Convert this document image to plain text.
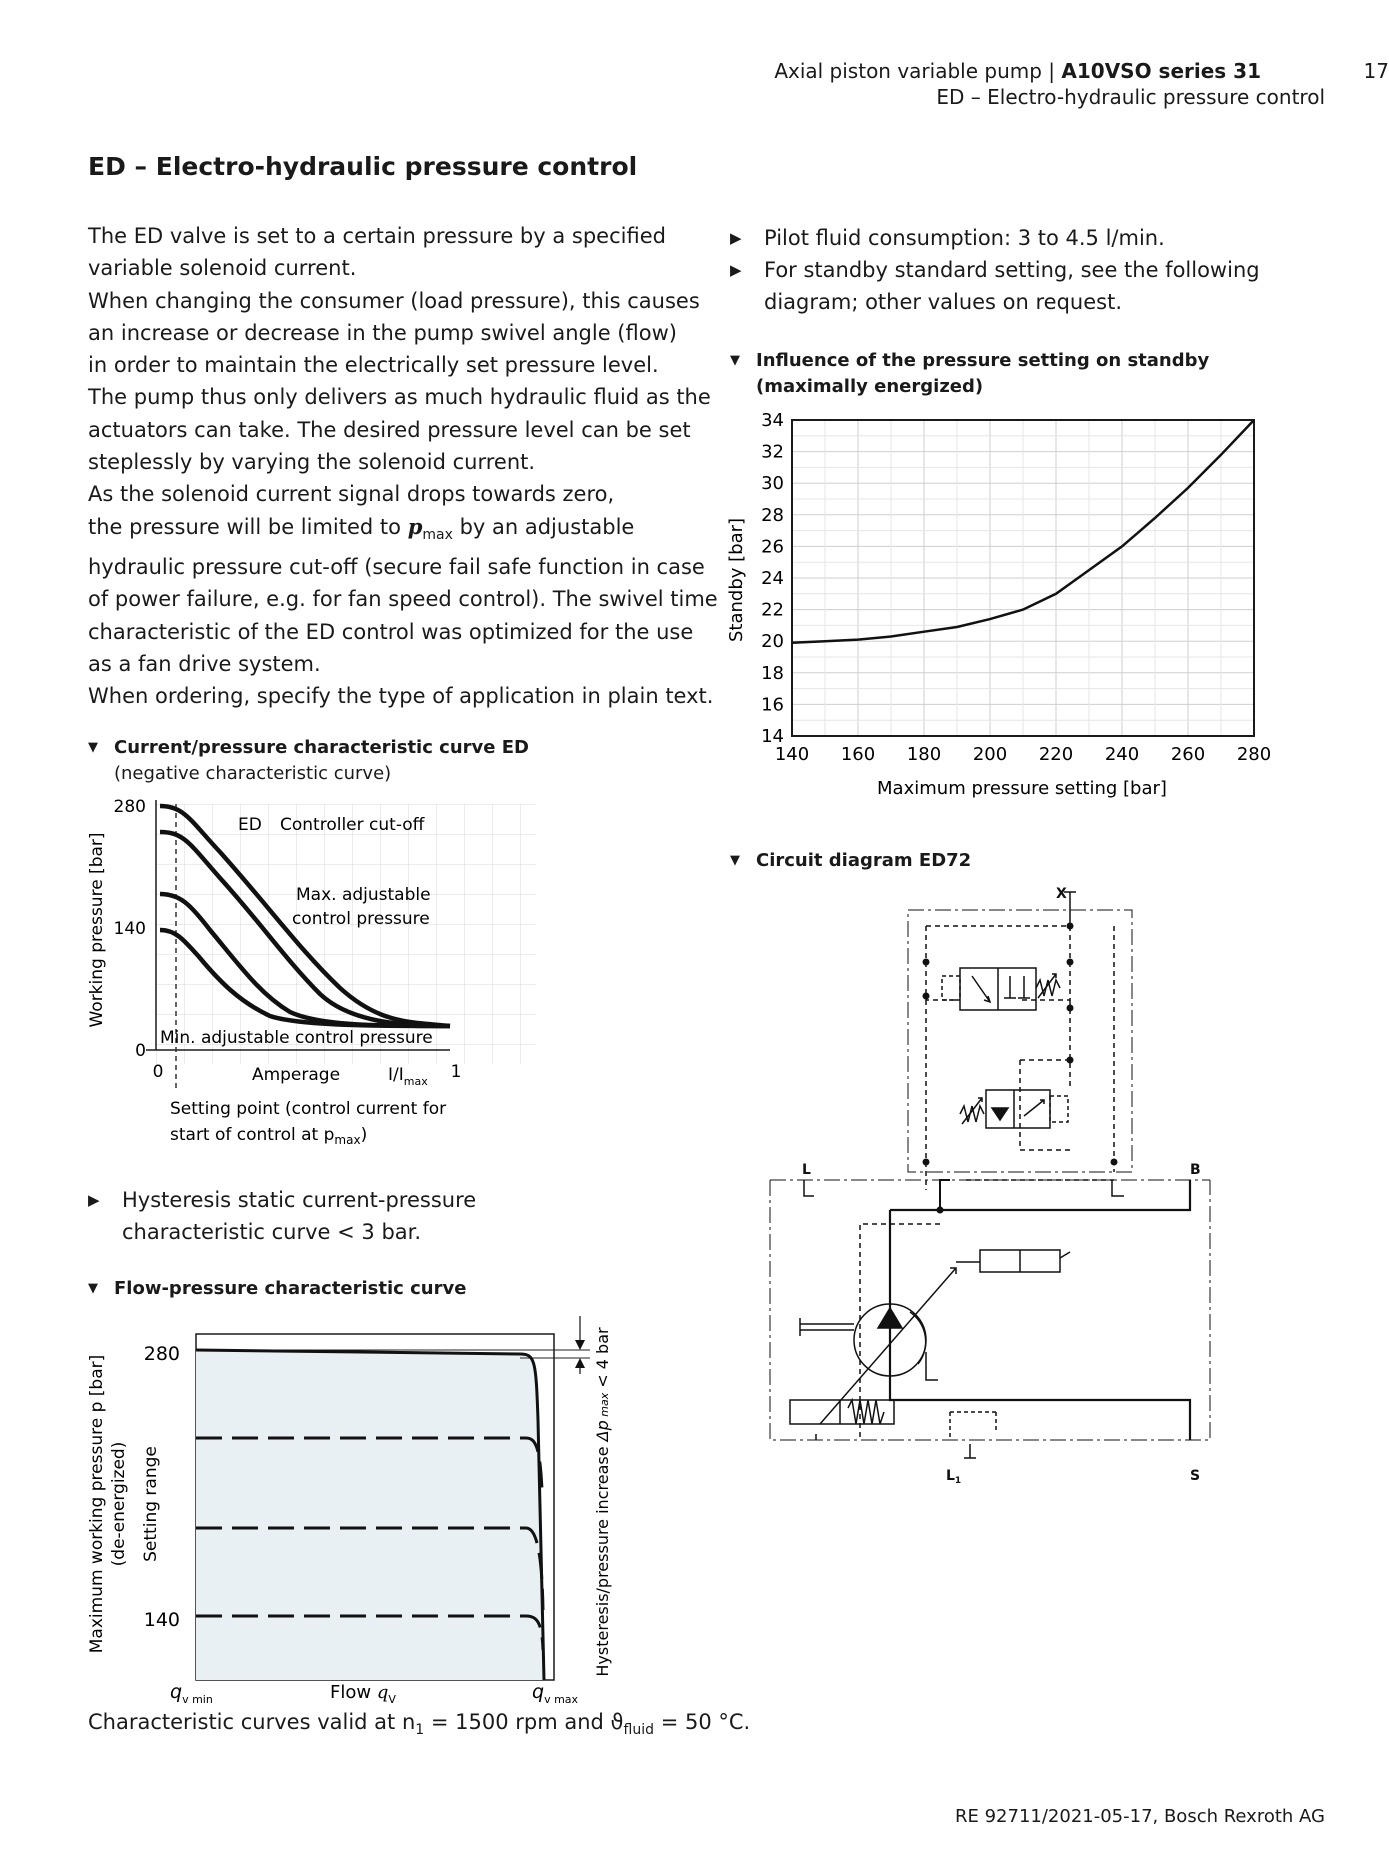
Axial piston variable pump | A10VSO series 31	17
ED – Electro-hydraulic pressure control
ED – Electro-hydraulic pressure control

The ED valve is set to a certain pressure by a specified

variable solenoid current.

When changing the consumer (load pressure), this causes

an increase or decrease in the pump swivel angle (flow)

in order to maintain the electrically set pressure level.

The pump thus only delivers as much hydraulic fluid as the

actuators can take. The desired pressure level can be set

steplessly by varying the solenoid current.

As the solenoid current signal drops towards zero,

the pressure will be limited to $p_{max}$ by an adjustable

hydraulic pressure cut-off (secure fail safe function in case

of power failure, e.g. for fan speed control). The swivel time

characteristic of the ED control was optimized for the use

as a fan drive system.

When ordering, specify the type of application in plain text.

▶ Pilot fluid consumption: 3 to 4.5 l/min.
▶ For standby standard setting, see the following diagram; other values on request.
▼ Influence of the pressure setting on standby
(maximally energized)
140 160 180 200 220 240 260 280
14
16
18
20
22
24
26
28
30
32
34
Maximum pressure setting [bar]
Standby [bar]
▼ Current/pressure characteristic curve ED
(negative characteristic curve)
280
140
0
0	1
Amperage	$I/I_{max}$
Working pressure [bar]
ED Controller cut-off
Max. adjustable
control pressure
Min. adjustable control pressure
Setting point (control current for
start of control at $p_{max}$)
▶ Hysteresis static current-pressure
characteristic curve < 3 bar.
▼ Flow-pressure characteristic curve
280
140
Maximum working pressure p [bar] (de-energized) Setting range
$q_{v min}$	Flow $q_V$	$q_{v max}$
Hysteresis/pressure increase Δp max < 4 bar
Characteristic curves valid at $n_1 = 1500$ rpm and $ϑ_{fluid} = 50$ °C.
▼ Circuit diagram ED72
X
L	B
$L_1$	S
RE 92711/2021-05-17, Bosch Rexroth AG
